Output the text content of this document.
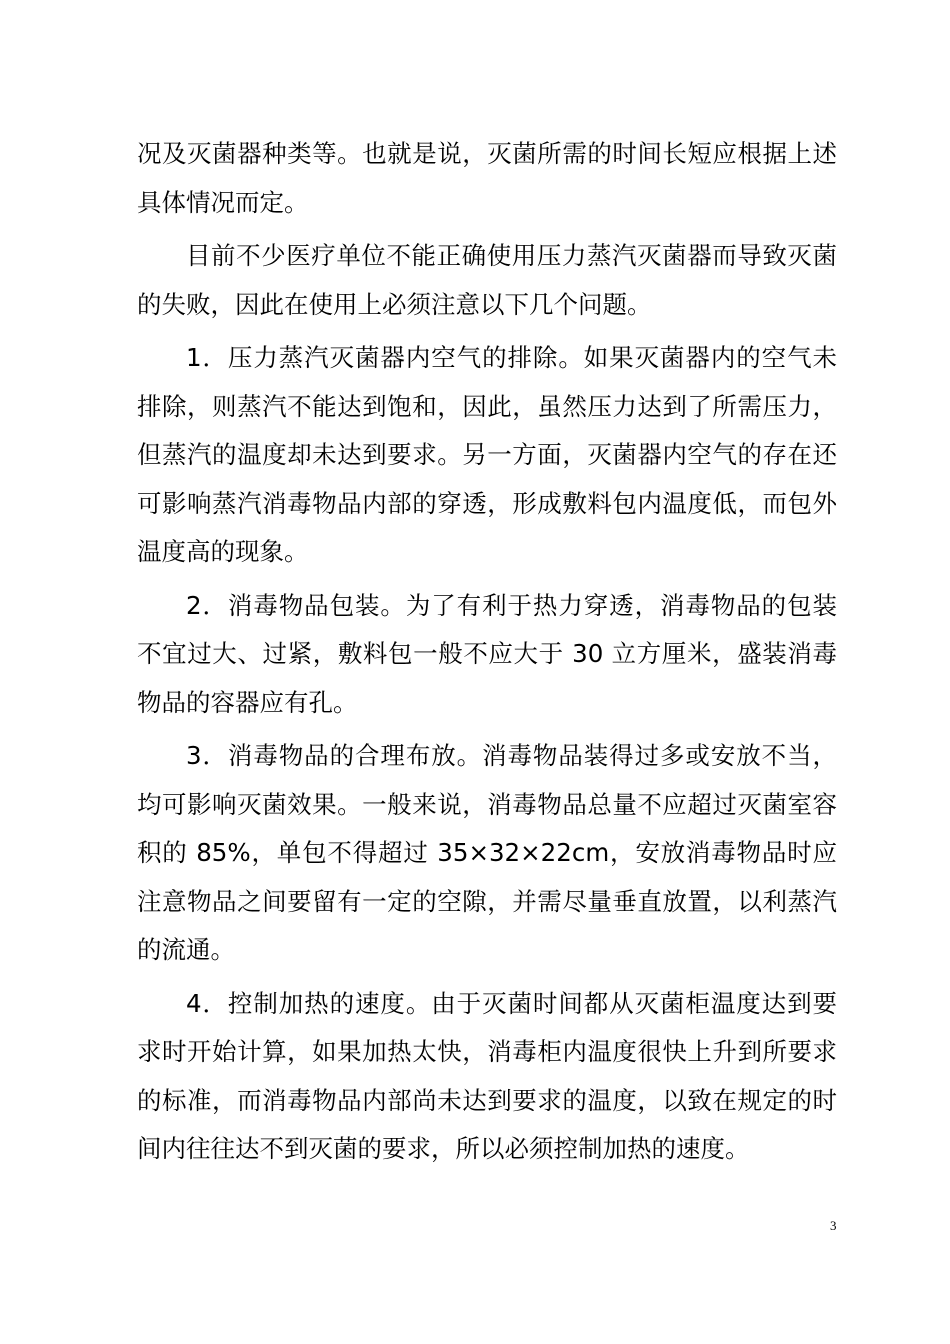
况及灭菌器种类等。也就是说，灭菌所需的时间长短应根据上述具体情况而定。

目前不少医疗单位不能正确使用压力蒸汽灭菌器而导致灭菌的失败，因此在使用上必须注意以下几个问题。

1．压力蒸汽灭菌器内空气的排除。如果灭菌器内的空气未排除，则蒸汽不能达到饱和，因此，虽然压力达到了所需压力，但蒸汽的温度却未达到要求。另一方面，灭菌器内空气的存在还可影响蒸汽消毒物品内部的穿透，形成敷料包内温度低，而包外温度高的现象。

2．消毒物品包装。为了有利于热力穿透，消毒物品的包装不宜过大、过紧，敷料包一般不应大于 30 立方厘米，盛装消毒物品的容器应有孔。

3．消毒物品的合理布放。消毒物品装得过多或安放不当，均可影响灭菌效果。一般来说，消毒物品总量不应超过灭菌室容积的 85%，单包不得超过 35×32×22cm，安放消毒物品时应注意物品之间要留有一定的空隙，并需尽量垂直放置，以利蒸汽的流通。

4．控制加热的速度。由于灭菌时间都从灭菌柜温度达到要求时开始计算，如果加热太快，消毒柜内温度很快上升到所要求的标准，而消毒物品内部尚未达到要求的温度，以致在规定的时间内往往达不到灭菌的要求，所以必须控制加热的速度。

3
